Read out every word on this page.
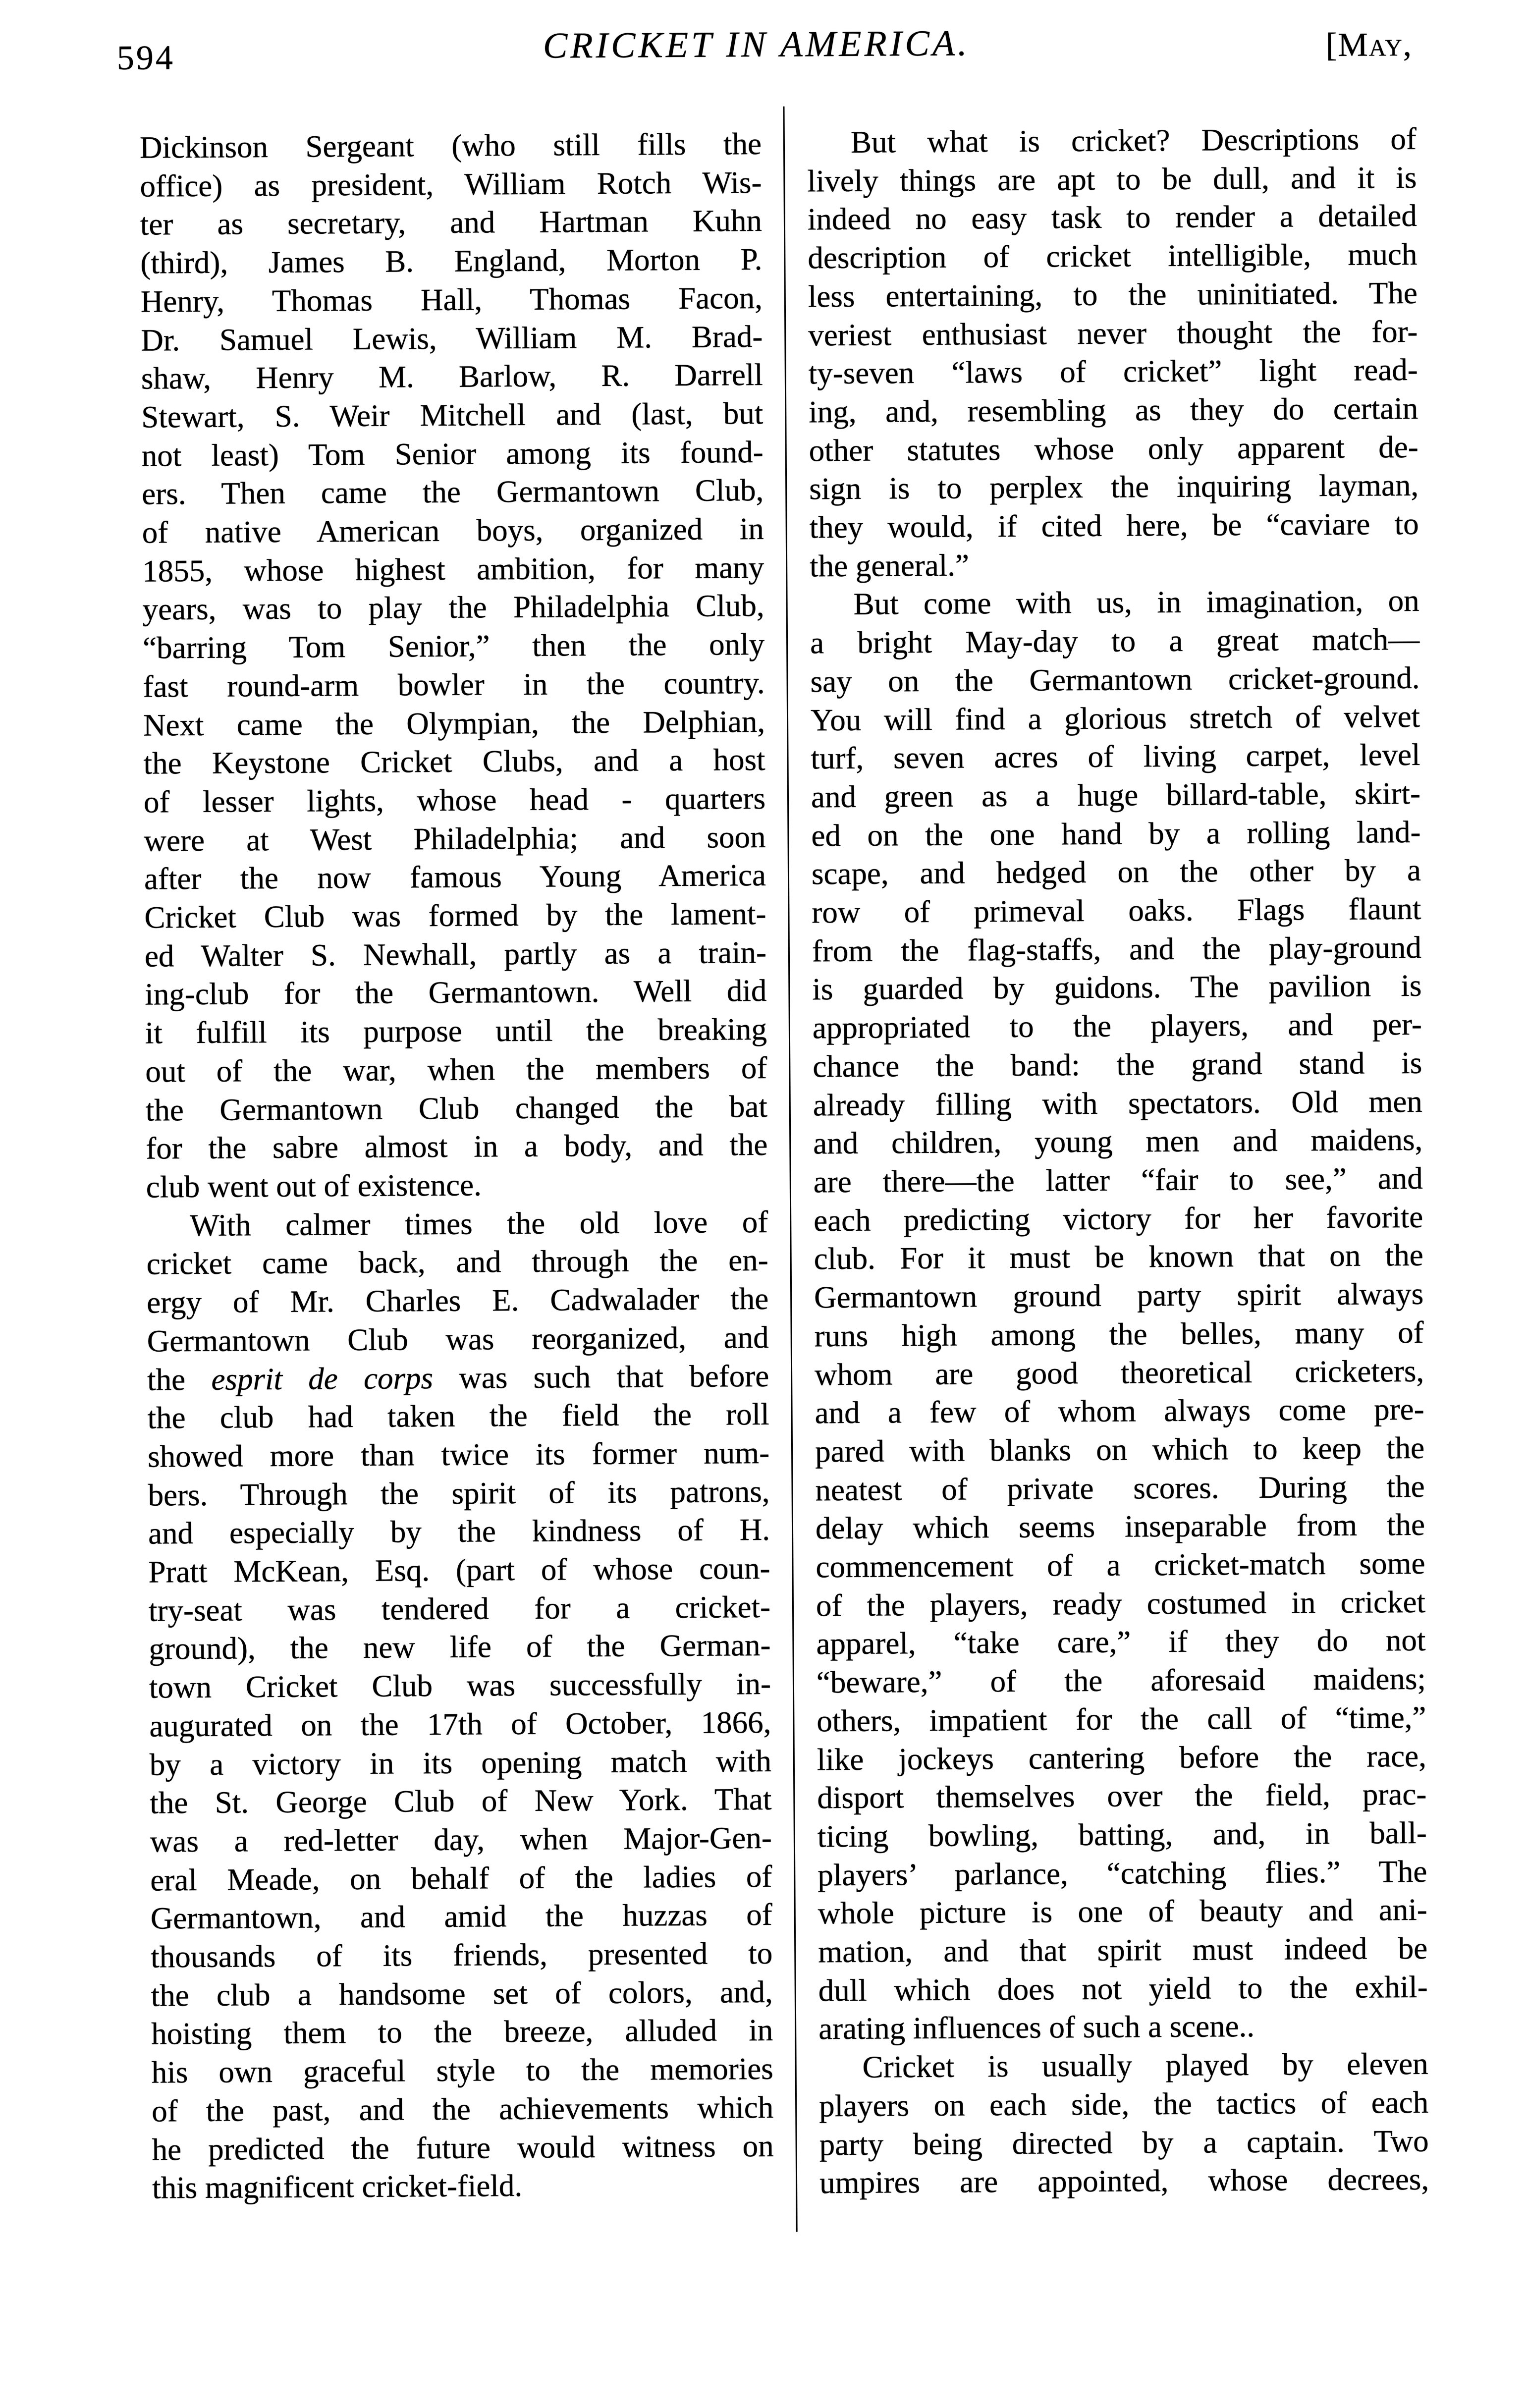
594	CRICKET IN AMERICA.	[May,
Dickinson Sergeant (who still fills the
office) as president, William Rotch Wis-
ter as secretary, and Hartman Kuhn
(third), James B. England, Morton P.
Henry, Thomas Hall, Thomas Facon,
Dr. Samuel Lewis, William M. Brad-
shaw, Henry M. Barlow, R. Darrell
Stewart, S. Weir Mitchell and (last, but
not least) Tom Senior among its found-
ers. Then came the Germantown Club,
of native American boys, organized in
1855, whose highest ambition, for many
years, was to play the Philadelphia Club,
“barring Tom Senior,” then the only
fast round-arm bowler in the country.
Next came the Olympian, the Delphian,
the Keystone Cricket Clubs, and a host
of lesser lights, whose head - quarters
were at West Philadelphia; and soon
after the now famous Young America
Cricket Club was formed by the lament-
ed Walter S. Newhall, partly as a train-
ing-club for the Germantown. Well did
it fulfill its purpose until the breaking
out of the war, when the members of
the Germantown Club changed the bat
for the sabre almost in a body, and the
club went out of existence.
With calmer times the old love of
cricket came back, and through the en-
ergy of Mr. Charles E. Cadwalader the
Germantown Club was reorganized, and
the esprit de corps was such that before
the club had taken the field the roll
showed more than twice its former num-
bers. Through the spirit of its patrons,
and especially by the kindness of H.
Pratt McKean, Esq. (part of whose coun-
try-seat was tendered for a cricket-
ground), the new life of the German-
town Cricket Club was successfully in-
augurated on the 17th of October, 1866,
by a victory in its opening match with
the St. George Club of New York. That
was a red-letter day, when Major-Gen-
eral Meade, on behalf of the ladies of
Germantown, and amid the huzzas of
thousands of its friends, presented to
the club a handsome set of colors, and,
hoisting them to the breeze, alluded in
his own graceful style to the memories
of the past, and the achievements which
he predicted the future would witness on
this magnificent cricket-field.
But what is cricket? Descriptions of
lively things are apt to be dull, and it is
indeed no easy task to render a detailed
description of cricket intelligible, much
less entertaining, to the uninitiated. The
veriest enthusiast never thought the for-
ty-seven “laws of cricket” light read-
ing, and, resembling as they do certain
other statutes whose only apparent de-
sign is to perplex the inquiring layman,
they would, if cited here, be “caviare to
the general.”
But come with us, in imagination, on
a bright May-day to a great match—
say on the Germantown cricket-ground.
You will find a glorious stretch of velvet
turf, seven acres of living carpet, level
and green as a huge billard-table, skirt-
ed on the one hand by a rolling land-
scape, and hedged on the other by a
row of primeval oaks. Flags flaunt
from the flag-staffs, and the play-ground
is guarded by guidons. The pavilion is
appropriated to the players, and per-
chance the band: the grand stand is
already filling with spectators. Old men
and children, young men and maidens,
are there—the latter “fair to see,” and
each predicting victory for her favorite
club. For it must be known that on the
Germantown ground party spirit always
runs high among the belles, many of
whom are good theoretical cricketers,
and a few of whom always come pre-
pared with blanks on which to keep the
neatest of private scores. During the
delay which seems inseparable from the
commencement of a cricket-match some
of the players, ready costumed in cricket
apparel, “take care,” if they do not
“beware,” of the aforesaid maidens;
others, impatient for the call of “time,”
like jockeys cantering before the race,
disport themselves over the field, prac-
ticing bowling, batting, and, in ball-
players’ parlance, “catching flies.” The
whole picture is one of beauty and ani-
mation, and that spirit must indeed be
dull which does not yield to the exhil-
arating influences of such a scene..
Cricket is usually played by eleven
players on each side, the tactics of each
party being directed by a captain. Two
umpires are appointed, whose decrees,
